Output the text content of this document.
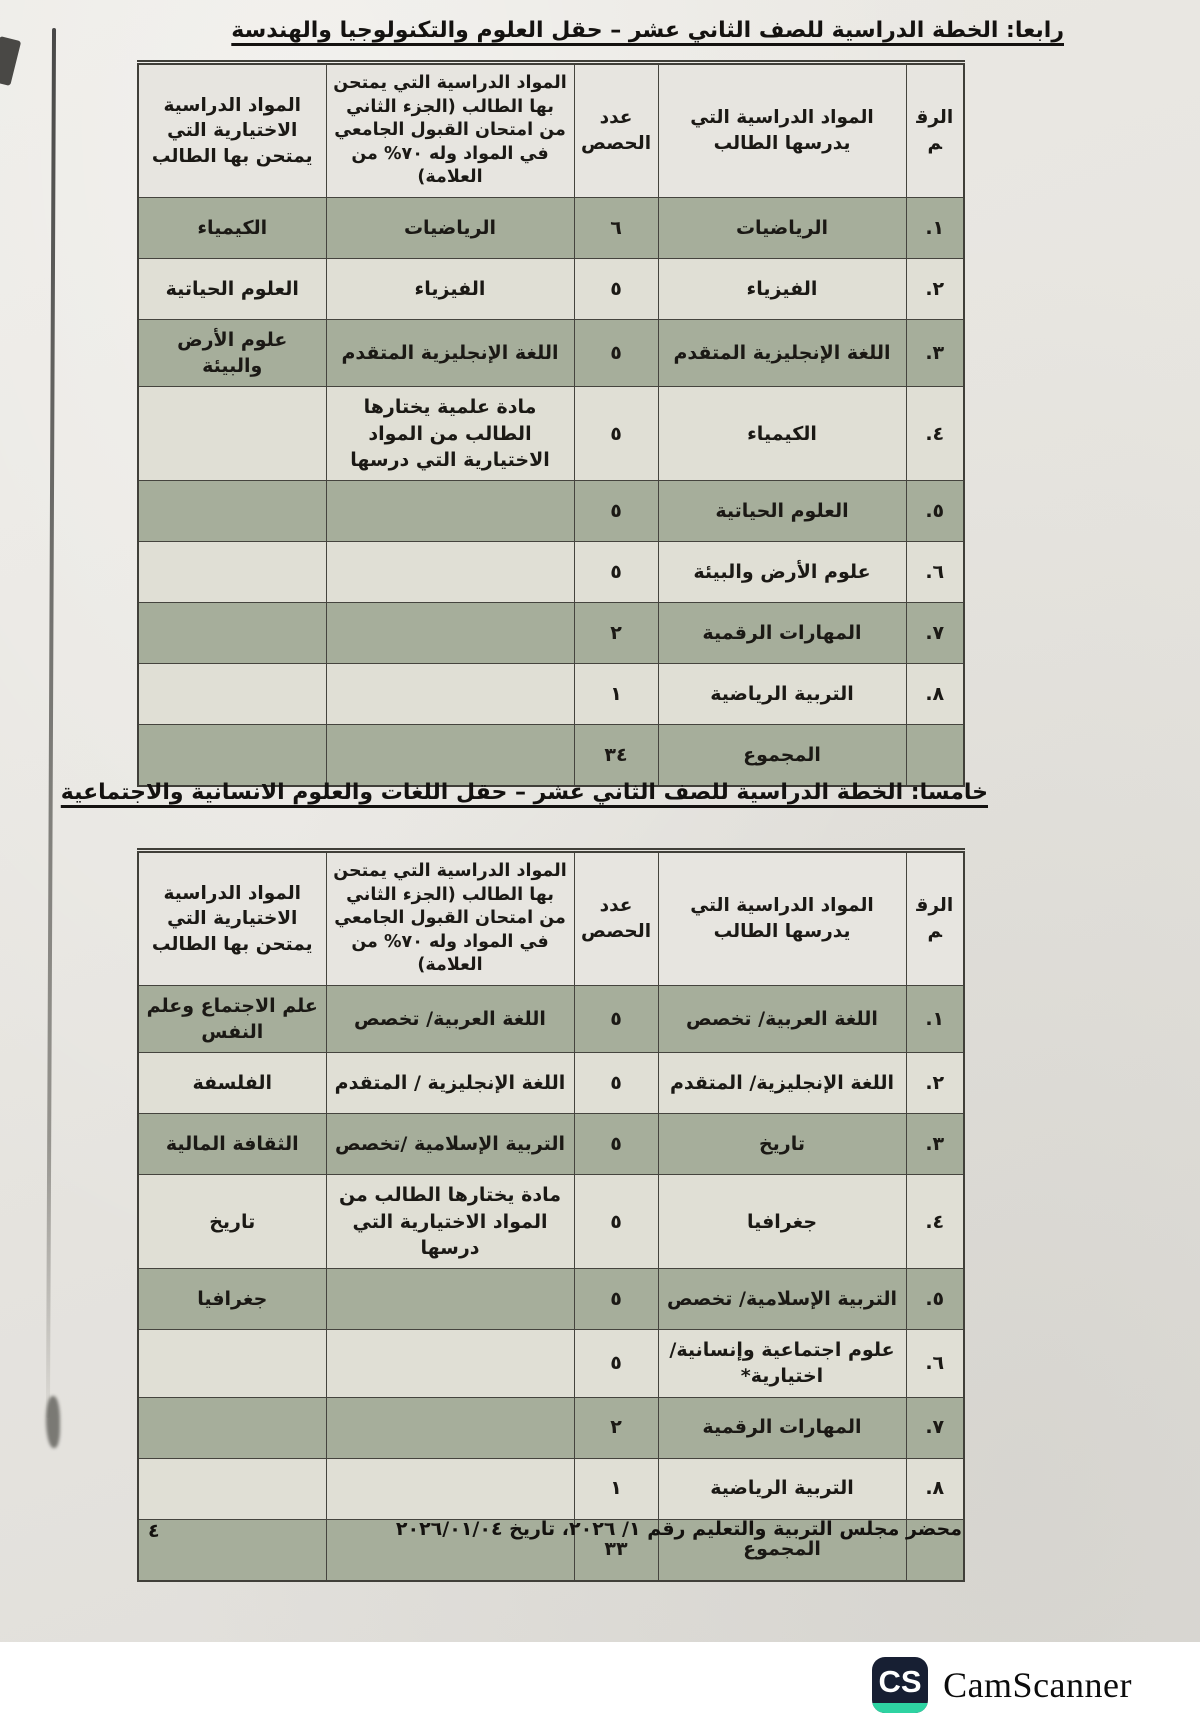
رابعا: الخطة الدراسية للصف الثاني عشر – حقل العلوم والتكنولوجيا والهندسة
الرقم	المواد الدراسية التي يدرسها الطالب	عدد الحصص	المواد الدراسية التي يمتحن بها الطالب (الجزء الثاني من امتحان القبول الجامعي في المواد وله ٧٠% من العلامة)	المواد الدراسية الاختيارية التي يمتحن بها الطالب
.١	الرياضيات	٦	الرياضيات	الكيمياء
.٢	الفيزياء	٥	الفيزياء	العلوم الحياتية
.٣	اللغة الإنجليزية المتقدم	٥	اللغة الإنجليزية المتقدم	علوم الأرض والبيئة
.٤	الكيمياء	٥	مادة علمية يختارها الطالب من المواد الاختيارية التي درسها	
.٥	العلوم الحياتية	٥		
.٦	علوم الأرض والبيئة	٥		
.٧	المهارات الرقمية	٢		
.٨	التربية الرياضية	١		
	المجموع	٣٤		
خامسا: الخطة الدراسية للصف الثاني عشر – حقل اللغات والعلوم الانسانية والاجتماعية
الرقم	المواد الدراسية التي يدرسها الطالب	عدد الحصص	المواد الدراسية التي يمتحن بها الطالب (الجزء الثاني من امتحان القبول الجامعي في المواد وله ٧٠% من العلامة)	المواد الدراسية الاختيارية التي يمتحن بها الطالب
.١	اللغة العربية/ تخصص	٥	اللغة العربية/ تخصص	علم الاجتماع وعلم النفس
.٢	اللغة الإنجليزية/ المتقدم	٥	اللغة الإنجليزية / المتقدم	الفلسفة
.٣	تاريخ	٥	التربية الإسلامية /تخصص	الثقافة المالية
.٤	جغرافيا	٥	مادة يختارها الطالب من المواد الاختيارية التي درسها	تاريخ
.٥	التربية الإسلامية/ تخصص	٥		جغرافيا
.٦	علوم اجتماعية وإنسانية/اختيارية*	٥		
.٧	المهارات الرقمية	٢		
.٨	التربية الرياضية	١		
	المجموع	٣٣		
محضر مجلس التربية والتعليم رقم ١/ ٢٠٢٦، تاريخ ٢٠٢٦/٠١/٠٤
٤
CS CamScanner
